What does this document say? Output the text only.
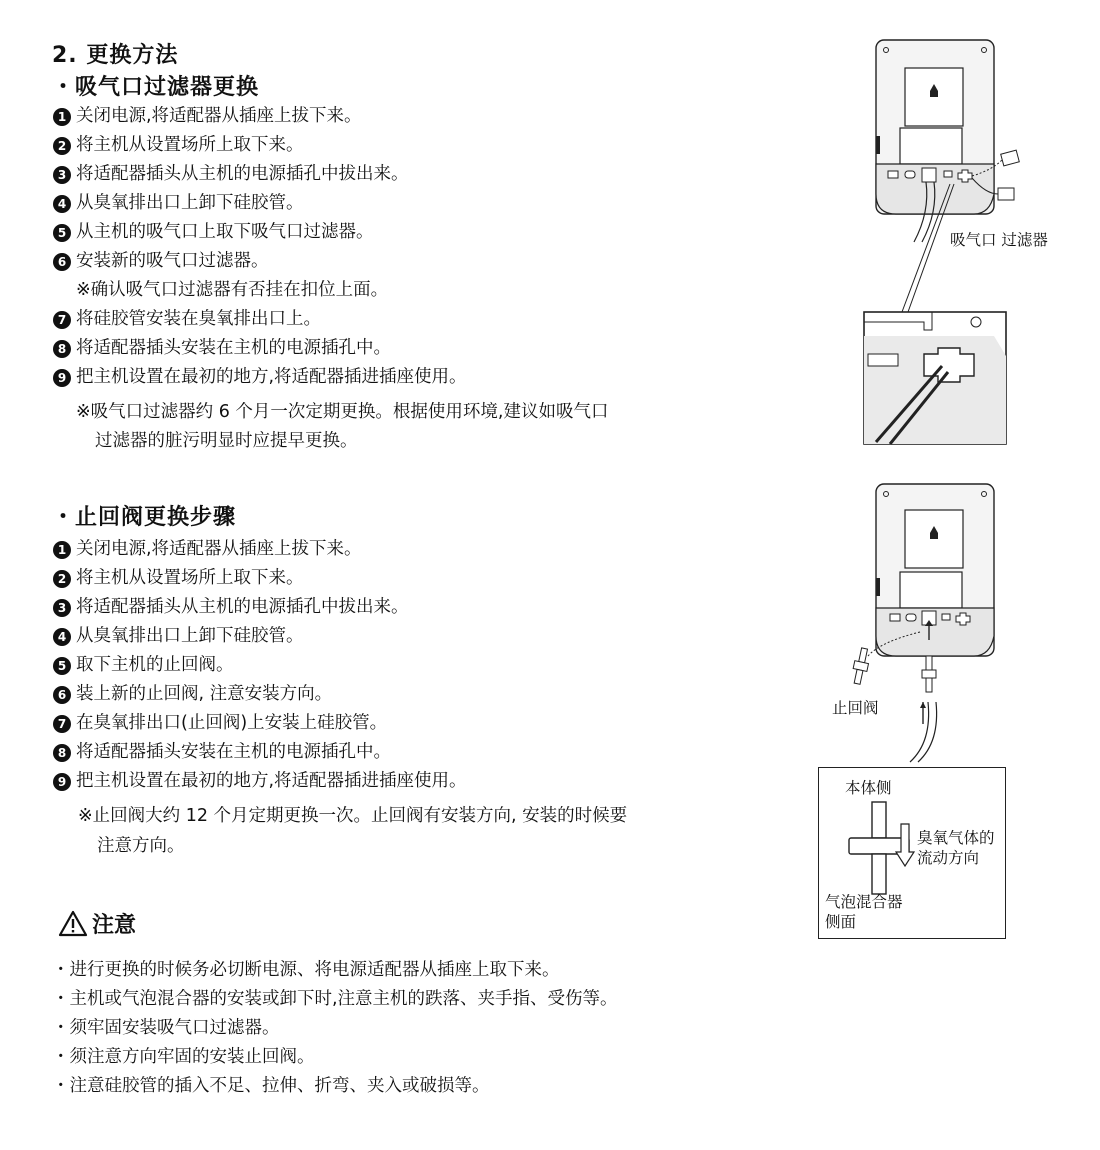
2. 更换方法
・吸气口过滤器更换
1 关闭电源,将适配器从插座上拔下来。
2 将主机从设置场所上取下来。
3 将适配器插头从主机的电源插孔中拔出来。
4 从臭氧排出口上卸下硅胶管。
5 从主机的吸气口上取下吸气口过滤器。
6 安装新的吸气口过滤器。
※确认吸气口过滤器有否挂在扣位上面。
7 将硅胶管安装在臭氧排出口上。
8 将适配器插头安装在主机的电源插孔中。
9 把主机设置在最初的地方,将适配器插进插座使用。
※吸气口过滤器约 6 个月一次定期更换。根据使用环境,建议如吸气口
过滤器的脏污明显时应提早更换。
・止回阀更换步骤
1 关闭电源,将适配器从插座上拔下来。
2 将主机从设置场所上取下来。
3 将适配器插头从主机的电源插孔中拔出来。
4 从臭氧排出口上卸下硅胶管。
5 取下主机的止回阀。
6 装上新的止回阀, 注意安装方向。
7 在臭氧排出口(止回阀)上安装上硅胶管。
8 将适配器插头安装在主机的电源插孔中。
9 把主机设置在最初的地方,将适配器插进插座使用。
※止回阀大约 12 个月定期更换一次。止回阀有安装方向, 安装的时候要
注意方向。
注意
・进行更换的时候务必切断电源、将电源适配器从插座上取下来。
・主机或气泡混合器的安装或卸下时,注意主机的跌落、夹手指、受伤等。
・须牢固安装吸气口过滤器。
・须注意方向牢固的安装止回阀。
・注意硅胶管的插入不足、拉伸、折弯、夹入或破损等。
吸气口 过滤器
止回阀
本体侧
臭氧气体的
流动方向
气泡混合器
侧面
